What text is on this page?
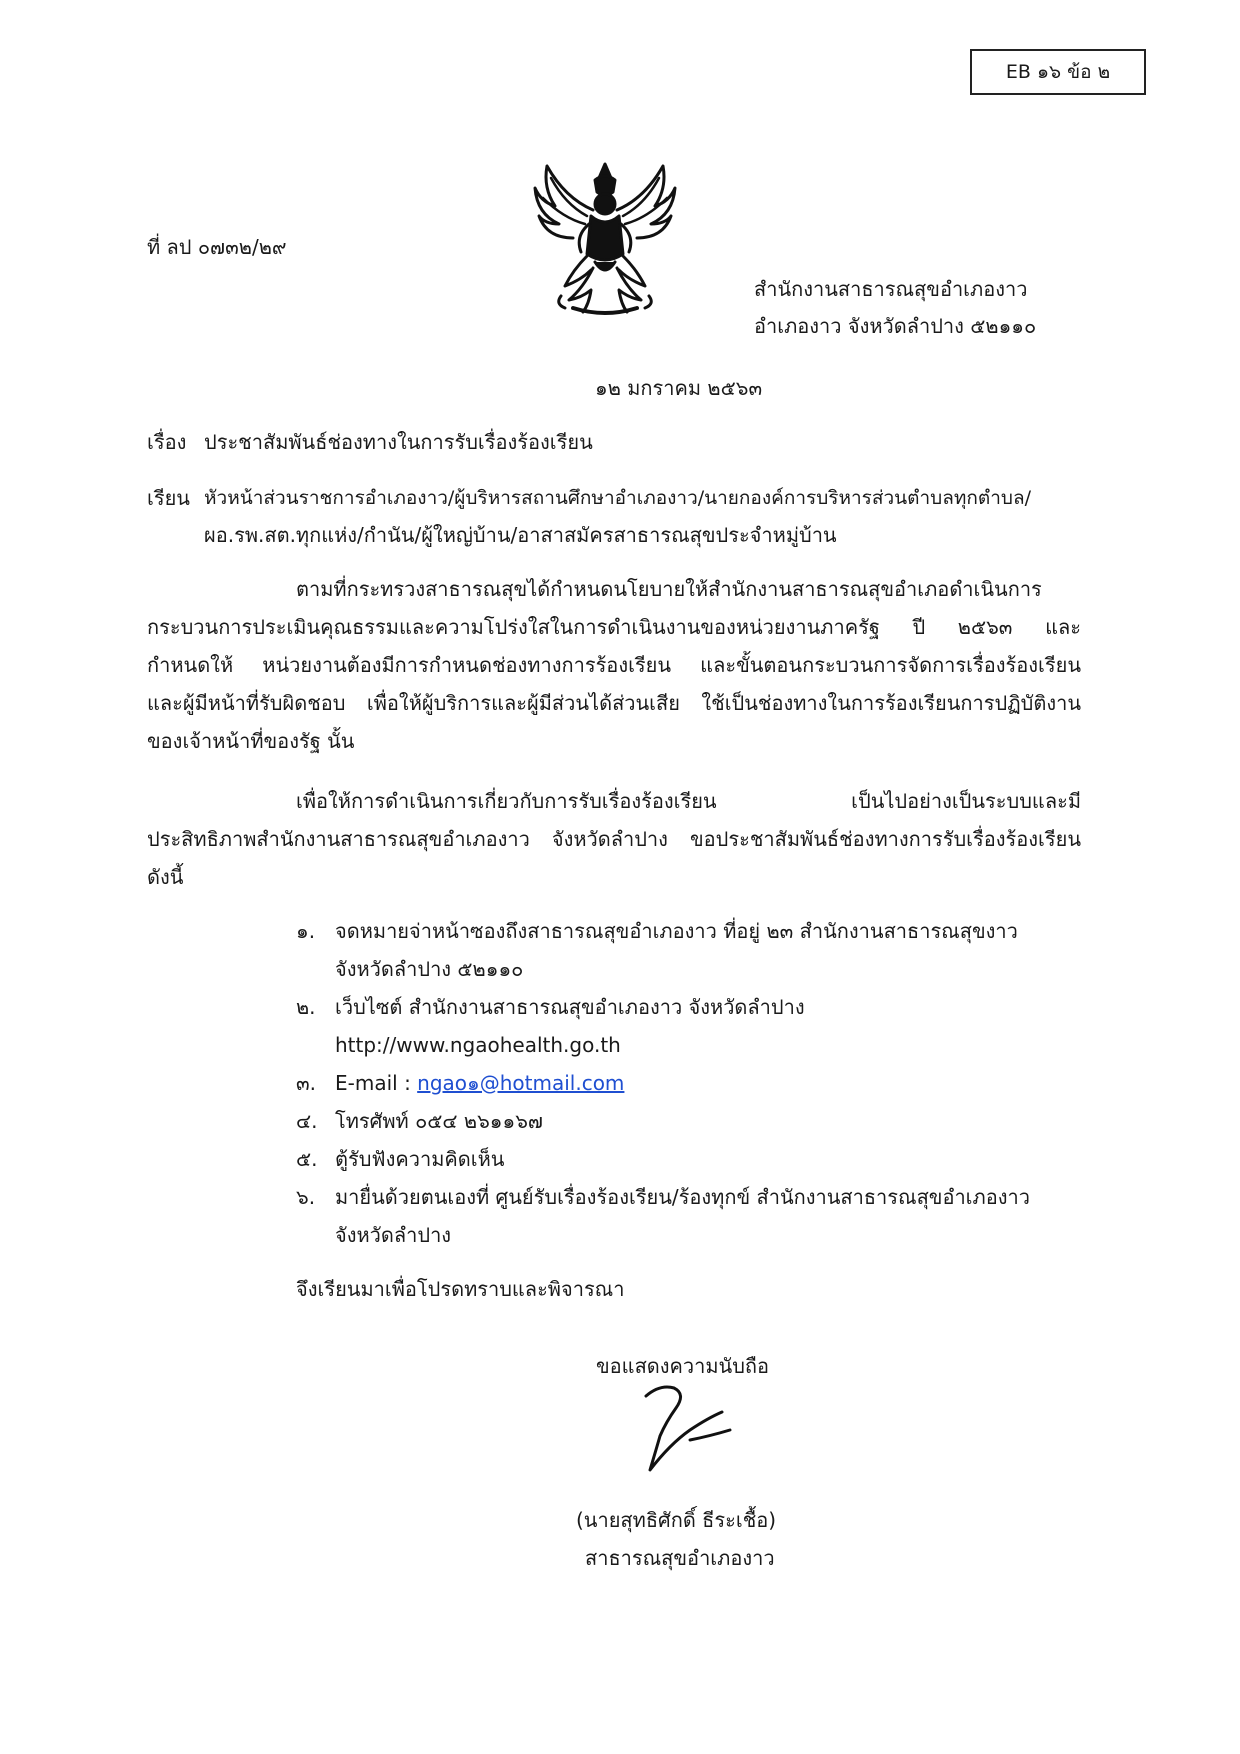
EB ๑๖ ข้อ ๒
ที่ ลป ๐๗๓๒/๒๙
สำนักงานสาธารณสุขอำเภองาว
อำเภองาว จังหวัดลำปาง ๕๒๑๑๐
๑๒ มกราคม ๒๕๖๓
เรื่อง ประชาสัมพันธ์ช่องทางในการรับเรื่องร้องเรียน
เรียน หัวหน้าส่วนราชการอำเภองาว/ผู้บริหารสถานศึกษาอำเภองาว/นายกองค์การบริหารส่วนตำบลทุกตำบล/
ผอ.รพ.สต.ทุกแห่ง/กำนัน/ผู้ใหญ่บ้าน/อาสาสมัครสาธารณสุขประจำหมู่บ้าน
ตามที่กระทรวงสาธารณสุขได้กำหนดนโยบายให้สำนักงานสาธารณสุขอำเภอดำเนินการ
กระบวนการประเมินคุณธรรมและความโปร่งใสในการดำเนินงานของหน่วยงานภาครัฐ ปี ๒๕๖๓ และ
กำหนดให้ หน่วยงานต้องมีการกำหนดช่องทางการร้องเรียน และขั้นตอนกระบวนการจัดการเรื่องร้องเรียน
และผู้มีหน้าที่รับผิดชอบ เพื่อให้ผู้บริการและผู้มีส่วนได้ส่วนเสีย ใช้เป็นช่องทางในการร้องเรียนการปฏิบัติงาน
ของเจ้าหน้าที่ของรัฐ นั้น
เพื่อให้การดำเนินการเกี่ยวกับการรับเรื่องร้องเรียน เป็นไปอย่างเป็นระบบและมี
ประสิทธิภาพสำนักงานสาธารณสุขอำเภองาว จังหวัดลำปาง ขอประชาสัมพันธ์ช่องทางการรับเรื่องร้องเรียน
ดังนี้
๑. จดหมายจ่าหน้าซองถึงสาธารณสุขอำเภองาว ที่อยู่ ๒๓ สำนักงานสาธารณสุขงาว
จังหวัดลำปาง ๕๒๑๑๐
๒. เว็บไซต์ สำนักงานสาธารณสุขอำเภองาว จังหวัดลำปาง
http://www.ngaohealth.go.th
๓. E-mail : ngao๑@hotmail.com
๔. โทรศัพท์ ๐๕๔ ๒๖๑๑๖๗
๕. ตู้รับฟังความคิดเห็น
๖. มายื่นด้วยตนเองที่ ศูนย์รับเรื่องร้องเรียน/ร้องทุกข์ สำนักงานสาธารณสุขอำเภองาว
จังหวัดลำปาง
จึงเรียนมาเพื่อโปรดทราบและพิจารณา
ขอแสดงความนับถือ
(นายสุทธิศักดิ์ ธีระเชื้อ)
สาธารณสุขอำเภองาว
